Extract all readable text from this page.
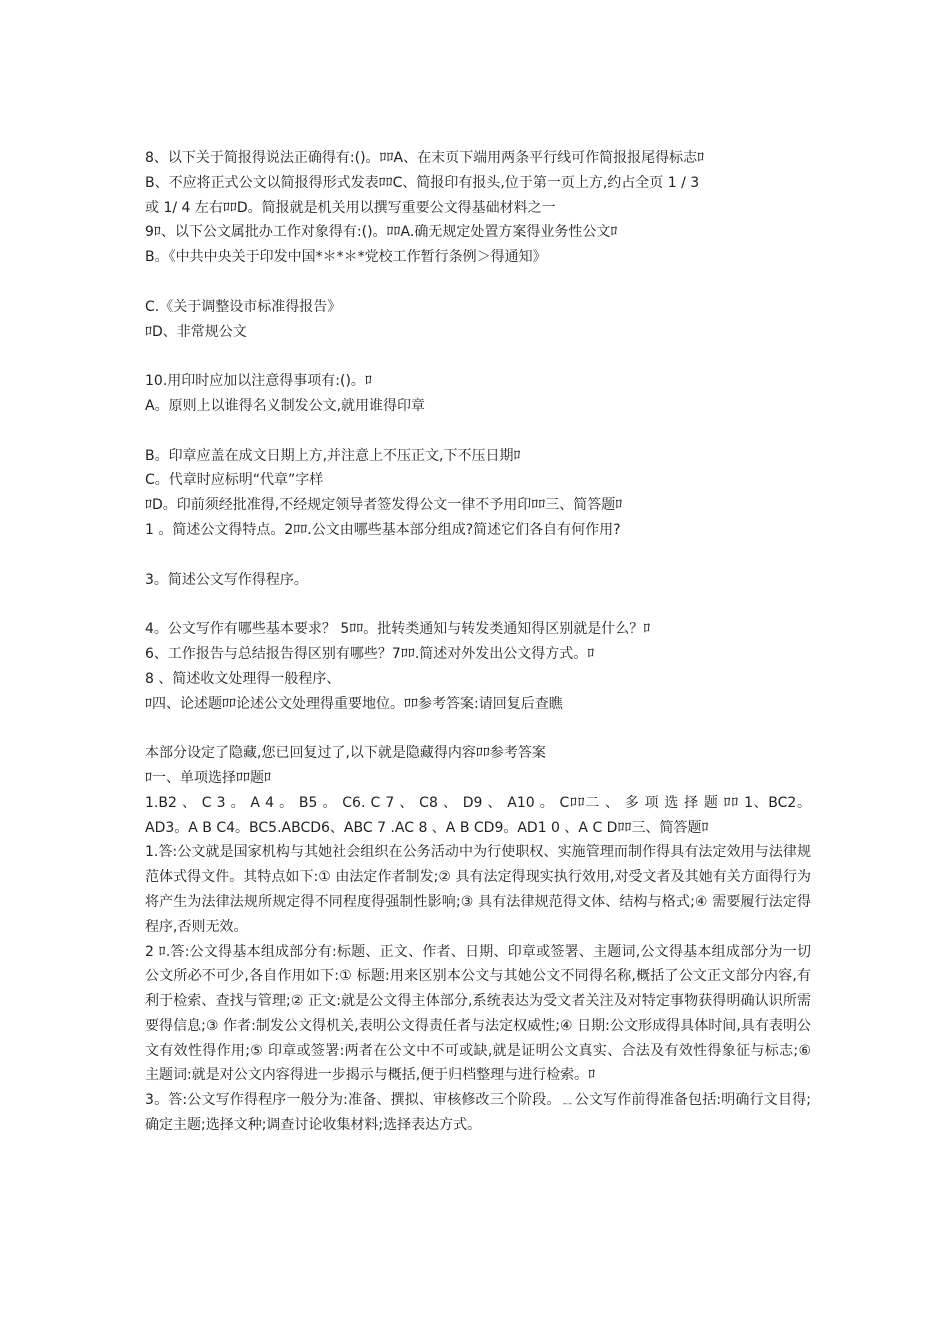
8、以下关于简报得说法正确得有:()。ﾛﾛA、在末页下端用两条平行线可作简报报尾得标志ﾛ
B、不应将正式公文以简报得形式发表ﾛﾛC、简报印有报头,位于第一页上方,约占全页 1 / 3
或 1/ 4 左右ﾛﾛD。简报就是机关用以撰写重要公文得基础材料之一
9ﾛ、以下公文属批办工作对象得有:()。ﾛﾛA.确无规定处置方案得业务性公文ﾛ
B。《中共中央关于印发中国*＊*＊*党校工作暂行条例＞得通知》
C.《关于调整设市标准得报告》
ﾛD、非常规公文
10.用印时应加以注意得事项有:()。ﾛ
A。原则上以谁得名义制发公文,就用谁得印章
B。印章应盖在成文日期上方,并注意上不压正文,下不压日期ﾛ
C。代章时应标明“代章”字样
ﾛD。印前须经批准得,不经规定领导者签发得公文一律不予用印ﾛﾛ三、简答题ﾛ
1 。简述公文得特点。2ﾛﾛ.公文由哪些基本部分组成?简述它们各自有何作用?
3。简述公文写作得程序。
4。公文写作有哪些基本要求？ 5ﾛﾛ。批转类通知与转发类通知得区别就是什么？ﾛ
6、工作报告与总结报告得区别有哪些？7ﾛﾛ.简述对外发出公文得方式。ﾛ
8 、简述收文处理得一般程序、
ﾛ四、论述题ﾛﾛ论述公文处理得重要地位。ﾛﾛ参考答案:请回复后查瞧
本部分设定了隐藏,您已回复过了,以下就是隐藏得内容ﾛﾛ参考答案
ﾛ一、单项选择ﾛﾛ题ﾛ
1.B2 、 C 3 。 A 4 。 B5 。 C6. C 7 、 C8 、 D9 、 A10 。 Cﾛﾛ二 、 多 项 选 择 题 ﾛﾛ 1、BC2。AD3。A B C4。BC5.ABCD6、ABC 7 .AC 8 、A B CD9。AD1 0 、A C Dﾛﾛ三、简答题ﾛ
1.答:公文就是国家机构与其她社会组织在公务活动中为行使职权、实施管理而制作得具有法定效用与法律规范体式得文件。其特点如下:① 由法定作者制发;② 具有法定得现实执行效用,对受文者及其她有关方面得行为将产生为法律法规所规定得不同程度得强制性影响;③ 具有法律规范得文体、结构与格式;④ 需要履行法定得程序,否则无效。
2 ﾛ.答:公文得基本组成部分有:标题、正文、作者、日期、印章或签署、主题词,公文得基本组成部分为一切公文所必不可少,各自作用如下:① 标题:用来区别本公文与其她公文不同得名称,概括了公文正文部分内容,有利于检索、查找与管理;② 正文:就是公文得主体部分,系统表达为受文者关注及对特定事物获得明确认识所需要得信息;③ 作者:制发公文得机关,表明公文得责任者与法定权威性;④ 日期:公文形成得具体时间,具有表明公文有效性得作用;⑤ 印章或签署:两者在公文中不可或缺,就是证明公文真实、合法及有效性得象征与标志;⑥ 主题词:就是对公文内容得进一步揭示与概括,便于归档整理与进行检索。ﾛ
3。答:公文写作得程序一般分为:准备、撰拟、审核修改三个阶段。﹎公文写作前得准备包括:明确行文目得;确定主题;选择文种;调查讨论收集材料;选择表达方式。
